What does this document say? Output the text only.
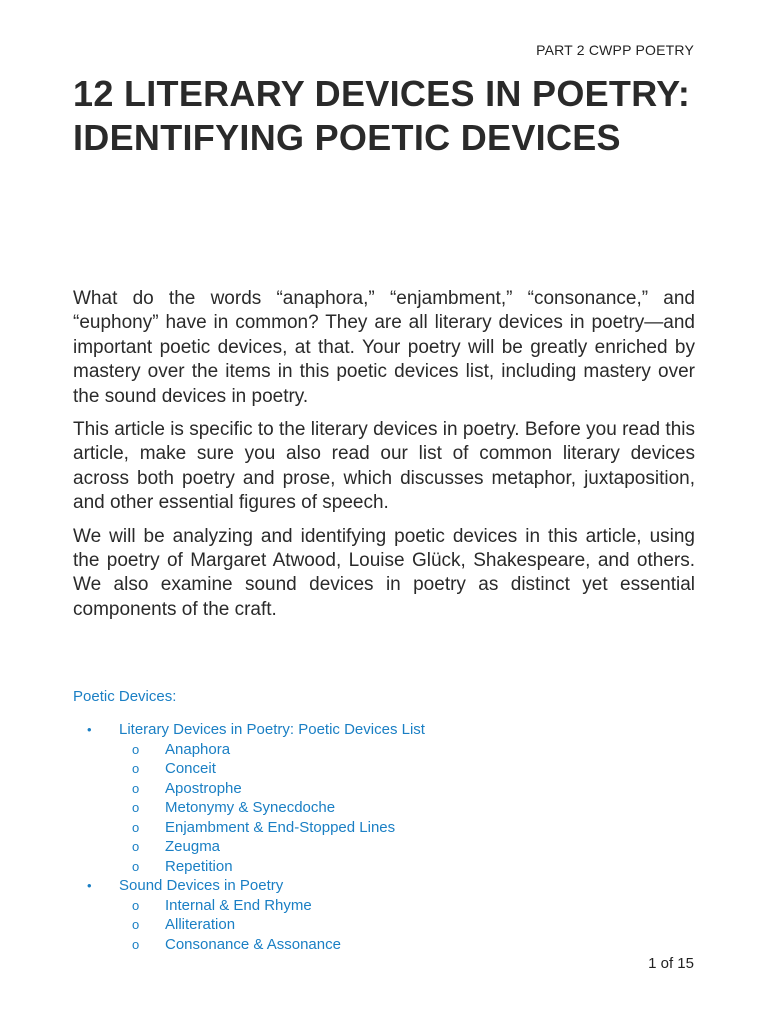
PART 2 CWPP POETRY
12 LITERARY DEVICES IN POETRY: IDENTIFYING POETIC DEVICES

What do the words “anaphora,” “enjambment,” “consonance,” and “euphony” have in common? They are all literary devices in poetry—and important poetic devices, at that. Your poetry will be greatly enriched by mastery over the items in this poetic devices list, including mastery over the sound devices in poetry.

This article is specific to the literary devices in poetry. Before you read this article, make sure you also read our list of common literary devices across both poetry and prose, which discusses metaphor, juxtaposition, and other essential figures of speech.

We will be analyzing and identifying poetic devices in this article, using the poetry of Margaret Atwood, Louise Glück, Shakespeare, and others. We also examine sound devices in poetry as distinct yet essential components of the craft.

Poetic Devices:
• Literary Devices in Poetry: Poetic Devices List
o Anaphora
o Conceit
o Apostrophe
o Metonymy & Synecdoche
o Enjambment & End-Stopped Lines
o Zeugma
o Repetition
• Sound Devices in Poetry
o Internal & End Rhyme
o Alliteration
o Consonance & Assonance
1 of 15
